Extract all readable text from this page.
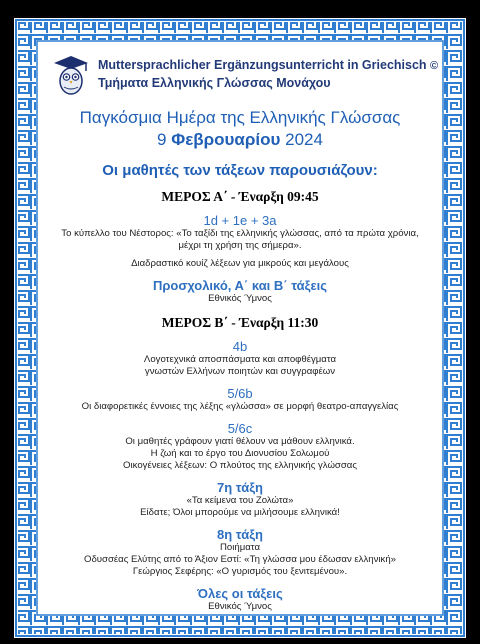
Muttersprachlicher Ergänzungsunterricht in Griechisch ©
Τμήματα Ελληνικής Γλώσσας Μονάχου
Παγκόσμια Ημέρα της Ελληνικής Γλώσσας
9 Φεβρουαρίου 2024
Οι μαθητές των τάξεων παρουσιάζουν:
ΜΕΡΟΣ Α΄ - Έναρξη 09:45
1d + 1e + 3a
Το κύπελλο του Νέστορος: «Το ταξίδι της ελληνικής γλώσσας, από τα πρώτα χρόνια,
μέχρι τη χρήση της σήμερα».
Διαδραστικό κουίζ λέξεων για μικρούς και μεγάλους
Προσχολικό, Α΄ και Β΄ τάξεις
Εθνικός Ύμνος
ΜΕΡΟΣ Β΄ - Έναρξη 11:30
4b
Λογοτεχνικά αποσπάσματα και αποφθέγματα
γνωστών Ελλήνων ποιητών και συγγραφέων
5/6b
Οι διαφορετικές έννοιες της λέξης «γλώσσα» σε μορφή θεατρο-απαγγελίας
5/6c
Οι μαθητές γράφουν γιατί θέλουν να μάθουν ελληνικά.
Η ζωή και το έργο του Διονυσίου Σολωμού
Οικογένειες λέξεων: Ο πλούτος της ελληνικής γλώσσας
7η τάξη
«Τα κείμενα του Ζολώτα»
Είδατε; Όλοι μπορούμε να μιλήσουμε ελληνικά!
8η τάξη
Ποιήματα
Οδυσσέας Ελύτης από το Άξιον Εστί: «Τη γλώσσα μου έδωσαν ελληνική»
Γεώργιος Σεφέρης: «Ο γυρισμός του ξενιτεμένου».
Όλες οι τάξεις
Εθνικός Ύμνος
